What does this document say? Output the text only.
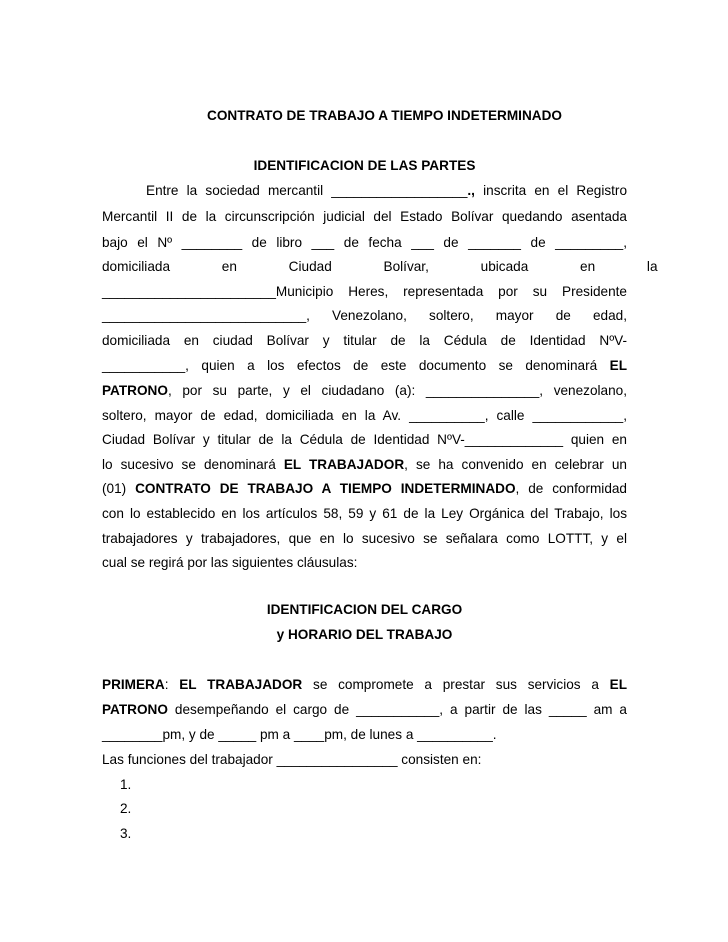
CONTRATO DE TRABAJO A TIEMPO INDETERMINADO
IDENTIFICACION DE LAS PARTES
Entre la sociedad mercantil __________________., inscrita en el Registro
Mercantil II de la circunscripción judicial del Estado Bolívar quedando asentada
bajo el Nº ________ de libro ___ de fecha ___ de _______ de _________,
domiciliada en Ciudad Bolívar, ubicada en la
_______________________Municipio Heres, representada por su Presidente
___________________________, Venezolano, soltero, mayor de edad,
domiciliada en ciudad Bolívar y titular de la Cédula de Identidad NºV-
___________, quien a los efectos de este documento se denominará EL
PATRONO, por su parte, y el ciudadano (a): _______________, venezolano,
soltero, mayor de edad, domiciliada en la Av. __________, calle ____________,
Ciudad Bolívar y titular de la Cédula de Identidad NºV-_____________ quien en
lo sucesivo se denominará EL TRABAJADOR, se ha convenido en celebrar un
(01) CONTRATO DE TRABAJO A TIEMPO INDETERMINADO, de conformidad
con lo establecido en los artículos 58, 59 y 61 de la Ley Orgánica del Trabajo, los
trabajadores y trabajadores, que en lo sucesivo se señalara como LOTTT, y el
cual se regirá por las siguientes cláusulas:
IDENTIFICACION DEL CARGO
y HORARIO DEL TRABAJO
PRIMERA: EL TRABAJADOR se compromete a prestar sus servicios a EL
PATRONO desempeñando el cargo de ___________, a partir de las _____ am a
________pm, y de _____ pm a ____pm, de lunes a __________.
Las funciones del trabajador ________________ consisten en:
1.
2.
3.
